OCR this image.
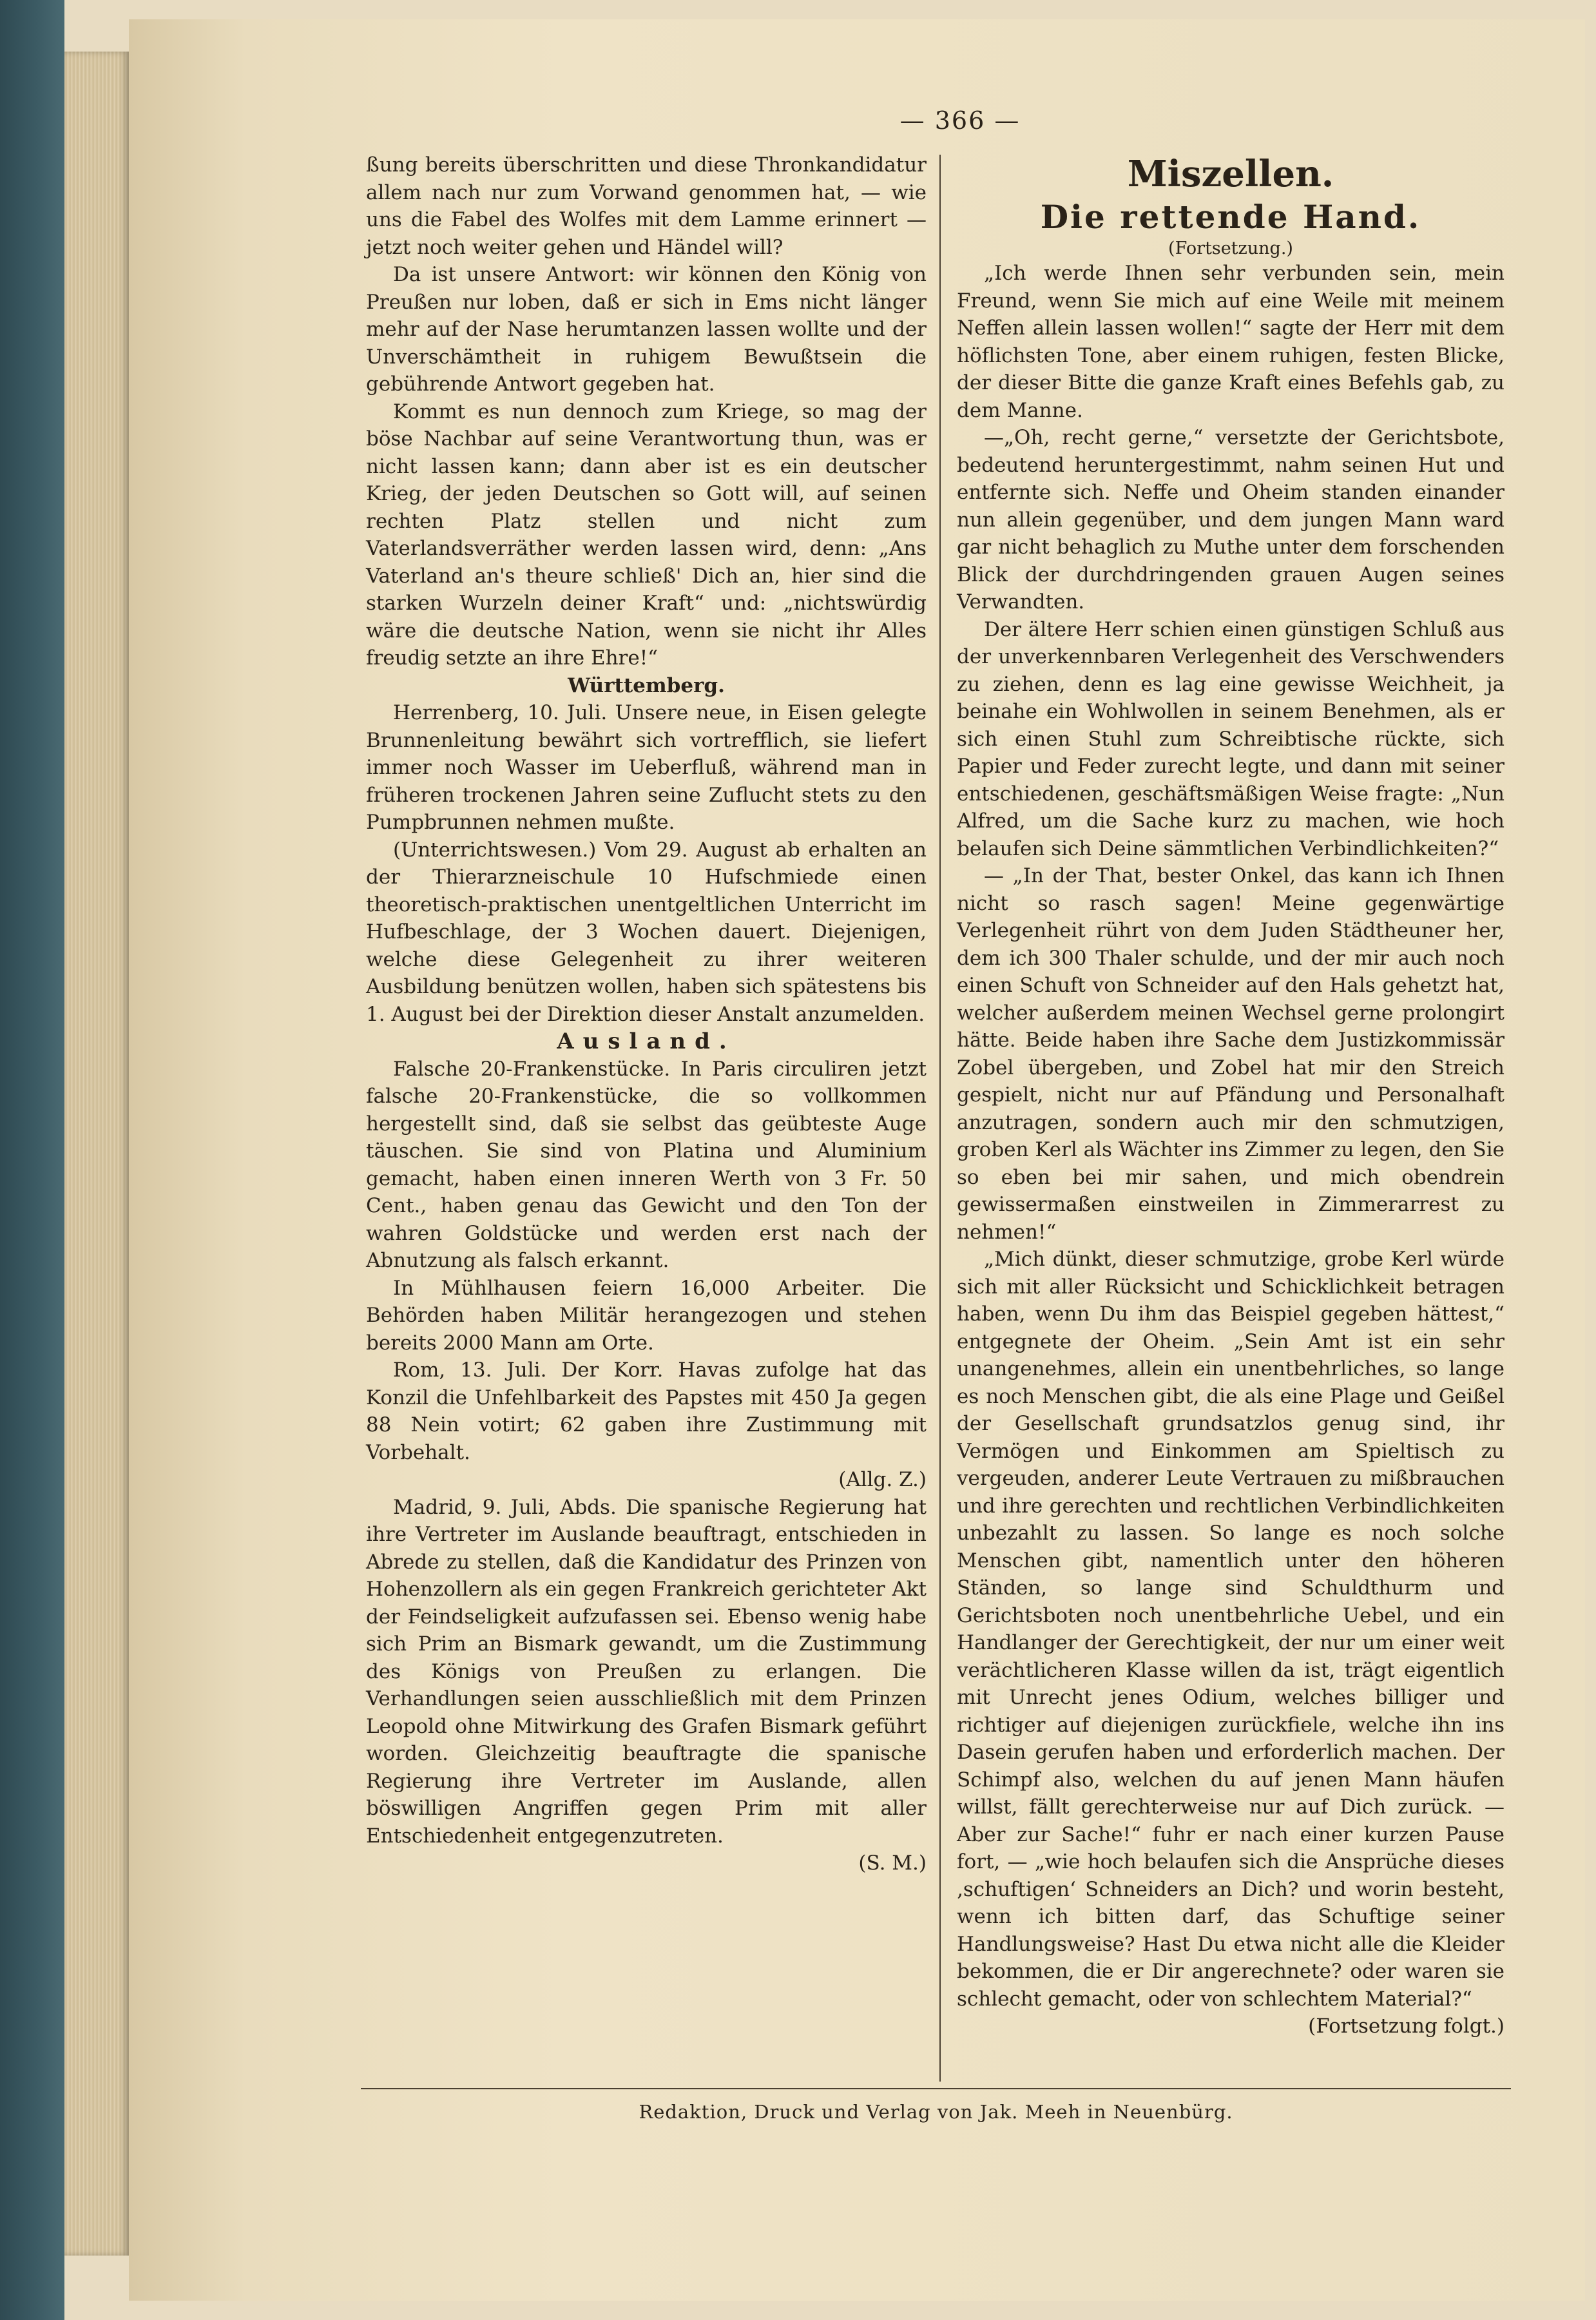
— 366 —

ßung bereits überschritten und diese Thronkandidatur allem nach nur zum Vorwand genommen hat, — wie uns die Fabel des Wolfes mit dem Lamme erinnert — jetzt noch weiter gehen und Händel will?

Da ist unsere Antwort: wir können den König von Preußen nur loben, daß er sich in Ems nicht länger mehr auf der Nase herumtanzen lassen wollte und der Unverschämtheit in ruhigem Bewußtsein die gebührende Antwort gegeben hat.

Kommt es nun dennoch zum Kriege, so mag der böse Nachbar auf seine Verantwortung thun, was er nicht lassen kann; dann aber ist es ein deutscher Krieg, der jeden Deutschen so Gott will, auf seinen rechten Platz stellen und nicht zum Vaterlandsverräther werden lassen wird, denn: „Ans Vaterland an's theure schließ' Dich an, hier sind die starken Wurzeln deiner Kraft“ und: „nichtswürdig wäre die deutsche Nation, wenn sie nicht ihr Alles freudig setzte an ihre Ehre!“

Württemberg.

Herrenberg, 10. Juli. Unsere neue, in Eisen gelegte Brunnenleitung bewährt sich vortrefflich, sie liefert immer noch Wasser im Ueberfluß, während man in früheren trockenen Jahren seine Zuflucht stets zu den Pumpbrunnen nehmen mußte.

(Unterrichtswesen.) Vom 29. August ab erhalten an der Thierarzneischule 10 Hufschmiede einen theoretisch-praktischen unentgeltlichen Unterricht im Hufbeschlage, der 3 Wochen dauert. Diejenigen, welche diese Gelegenheit zu ihrer weiteren Ausbildung benützen wollen, haben sich spätestens bis 1. August bei der Direktion dieser Anstalt anzumelden.

Ausland.

Falsche 20-Frankenstücke. In Paris circuliren jetzt falsche 20-Frankenstücke, die so vollkommen hergestellt sind, daß sie selbst das geübteste Auge täuschen. Sie sind von Platina und Aluminium gemacht, haben einen inneren Werth von 3 Fr. 50 Cent., haben genau das Gewicht und den Ton der wahren Goldstücke und werden erst nach der Abnutzung als falsch erkannt.

In Mühlhausen feiern 16,000 Arbeiter. Die Behörden haben Militär herangezogen und stehen bereits 2000 Mann am Orte.

Rom, 13. Juli. Der Korr. Havas zufolge hat das Konzil die Unfehlbarkeit des Papstes mit 450 Ja gegen 88 Nein votirt; 62 gaben ihre Zustimmung mit Vorbehalt.

(Allg. Z.)

Madrid, 9. Juli, Abds. Die spanische Regierung hat ihre Vertreter im Auslande beauftragt, entschieden in Abrede zu stellen, daß die Kandidatur des Prinzen von Hohenzollern als ein gegen Frankreich gerichteter Akt der Feindseligkeit aufzufassen sei. Ebenso wenig habe sich Prim an Bismark gewandt, um die Zustimmung des Königs von Preußen zu erlangen. Die Verhandlungen seien ausschließlich mit dem Prinzen Leopold ohne Mitwirkung des Grafen Bismark geführt worden. Gleichzeitig beauftragte die spanische Regierung ihre Vertreter im Auslande, allen böswilligen Angriffen gegen Prim mit aller Entschiedenheit entgegenzutreten.

(S. M.)

Miszellen.

Die rettende Hand.

(Fortsetzung.)

„Ich werde Ihnen sehr verbunden sein, mein Freund, wenn Sie mich auf eine Weile mit meinem Neffen allein lassen wollen!“ sagte der Herr mit dem höflichsten Tone, aber einem ruhigen, festen Blicke, der dieser Bitte die ganze Kraft eines Befehls gab, zu dem Manne.

—„Oh, recht gerne,“ versetzte der Gerichtsbote, bedeutend heruntergestimmt, nahm seinen Hut und entfernte sich. Neffe und Oheim standen einander nun allein gegenüber, und dem jungen Mann ward gar nicht behaglich zu Muthe unter dem forschenden Blick der durchdringenden grauen Augen seines Verwandten.

Der ältere Herr schien einen günstigen Schluß aus der unverkennbaren Verlegenheit des Verschwenders zu ziehen, denn es lag eine gewisse Weichheit, ja beinahe ein Wohlwollen in seinem Benehmen, als er sich einen Stuhl zum Schreibtische rückte, sich Papier und Feder zurecht legte, und dann mit seiner entschiedenen, geschäftsmäßigen Weise fragte: „Nun Alfred, um die Sache kurz zu machen, wie hoch belaufen sich Deine sämmtlichen Verbindlichkeiten?“

— „In der That, bester Onkel, das kann ich Ihnen nicht so rasch sagen! Meine gegenwärtige Verlegenheit rührt von dem Juden Städtheuner her, dem ich 300 Thaler schulde, und der mir auch noch einen Schuft von Schneider auf den Hals gehetzt hat, welcher außerdem meinen Wechsel gerne prolongirt hätte. Beide haben ihre Sache dem Justizkommissär Zobel übergeben, und Zobel hat mir den Streich gespielt, nicht nur auf Pfändung und Personalhaft anzutragen, sondern auch mir den schmutzigen, groben Kerl als Wächter ins Zimmer zu legen, den Sie so eben bei mir sahen, und mich obendrein gewissermaßen einstweilen in Zimmerarrest zu nehmen!“

„Mich dünkt, dieser schmutzige, grobe Kerl würde sich mit aller Rücksicht und Schicklichkeit betragen haben, wenn Du ihm das Beispiel gegeben hättest,“ entgegnete der Oheim. „Sein Amt ist ein sehr unangenehmes, allein ein unentbehrliches, so lange es noch Menschen gibt, die als eine Plage und Geißel der Gesellschaft grundsatzlos genug sind, ihr Vermögen und Einkommen am Spieltisch zu vergeuden, anderer Leute Vertrauen zu mißbrauchen und ihre gerechten und rechtlichen Verbindlichkeiten unbezahlt zu lassen. So lange es noch solche Menschen gibt, namentlich unter den höheren Ständen, so lange sind Schuldthurm und Gerichtsboten noch unentbehrliche Uebel, und ein Handlanger der Gerechtigkeit, der nur um einer weit verächtlicheren Klasse willen da ist, trägt eigentlich mit Unrecht jenes Odium, welches billiger und richtiger auf diejenigen zurückfiele, welche ihn ins Dasein gerufen haben und erforderlich machen. Der Schimpf also, welchen du auf jenen Mann häufen willst, fällt gerechterweise nur auf Dich zurück. — Aber zur Sache!“ fuhr er nach einer kurzen Pause fort, — „wie hoch belaufen sich die Ansprüche dieses ‚schuftigen‘ Schneiders an Dich? und worin besteht, wenn ich bitten darf, das Schuftige seiner Handlungsweise? Hast Du etwa nicht alle die Kleider bekommen, die er Dir angerechnete? oder waren sie schlecht gemacht, oder von schlechtem Material?“

(Fortsetzung folgt.)

Redaktion, Druck und Verlag von Jak. Meeh in Neuenbürg.
